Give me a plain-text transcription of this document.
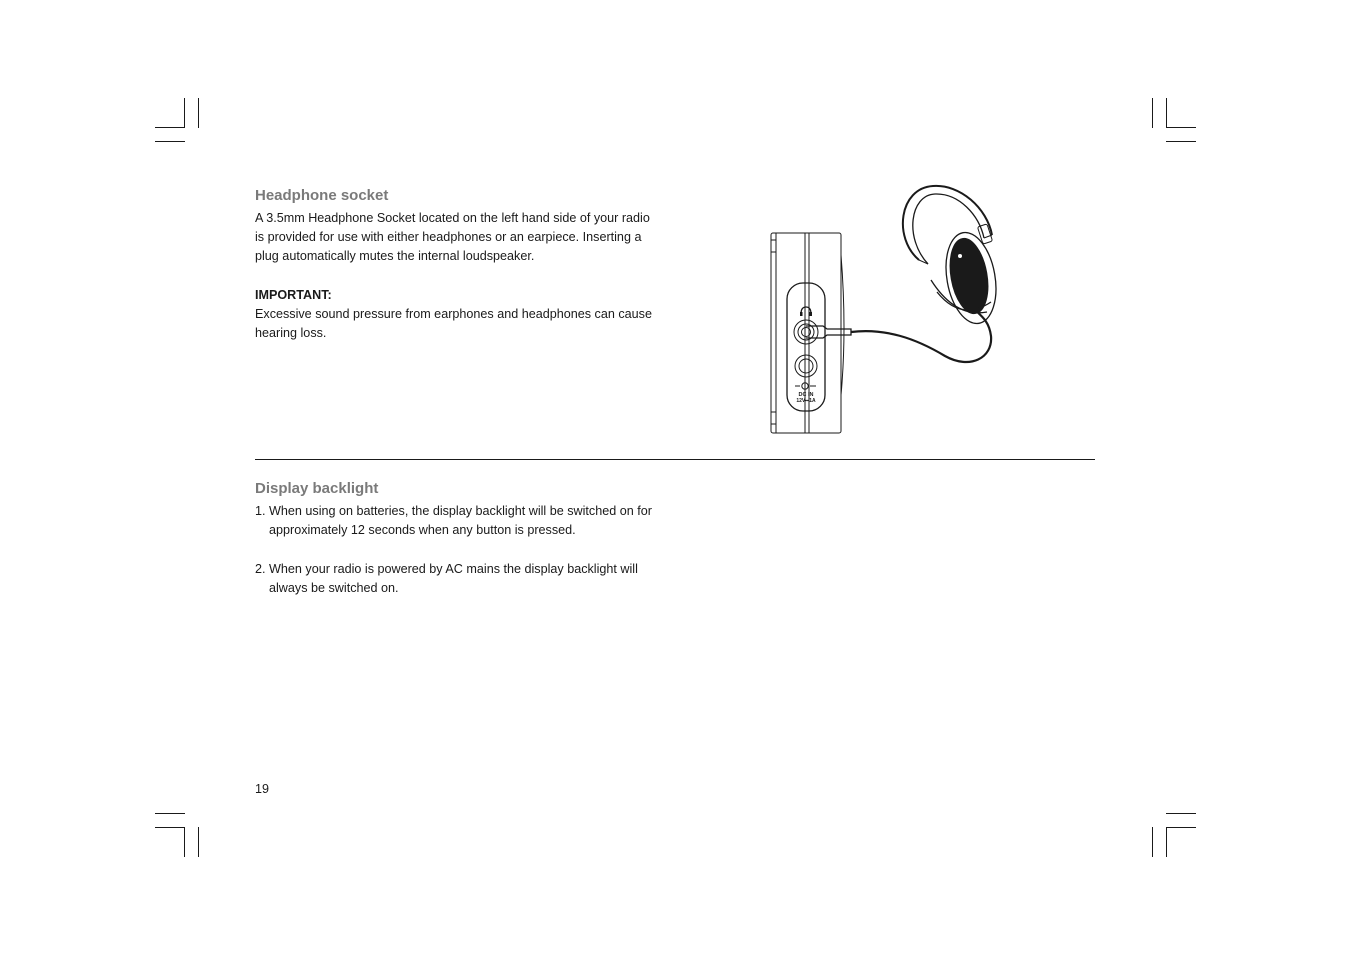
Headphone socket
A 3.5mm Headphone Socket located on the left hand side of your radio
is provided for use with either headphones or an earpiece. Inserting a
plug automatically mutes the internal loudspeaker.
IMPORTANT:
Excessive sound pressure from earphones and headphones can cause
hearing loss.
DC IN
12V⎓1A
Display backlight
1. When using on batteries, the display backlight will be switched on for
approximately 12 seconds when any button is pressed.
2. When your radio is powered by AC mains the display backlight will
always be switched on.
19
